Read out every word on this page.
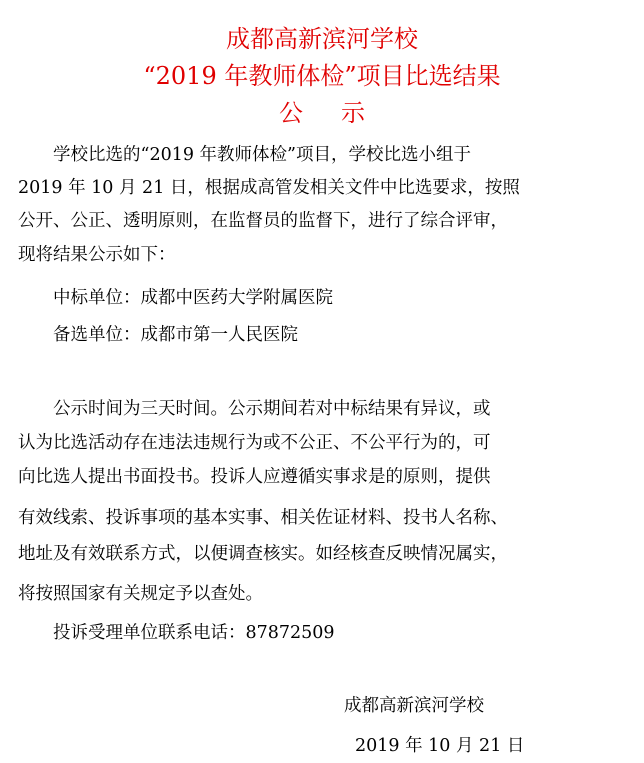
成都高新滨河学校
“2019 年教师体检”项目比选结果
公示
　　学校比选的“2019 年教师体检”项目，学校比选小组于
2019 年 10 月 21 日，根据成高管发相关文件中比选要求，按照
公开、公正、透明原则，在监督员的监督下，进行了综合评审，
现将结果公示如下：
　　中标单位：成都中医药大学附属医院
　　备选单位：成都市第一人民医院
　　公示时间为三天时间。公示期间若对中标结果有异议，或
认为比选活动存在违法违规行为或不公正、不公平行为的，可
向比选人提出书面投书。投诉人应遵循实事求是的原则，提供
有效线索、投诉事项的基本实事、相关佐证材料、投书人名称、
地址及有效联系方式，以便调查核实。如经核查反映情况属实，
将按照国家有关规定予以查处。
　　投诉受理单位联系电话：87872509
成都高新滨河学校
2019 年 10 月 21 日
